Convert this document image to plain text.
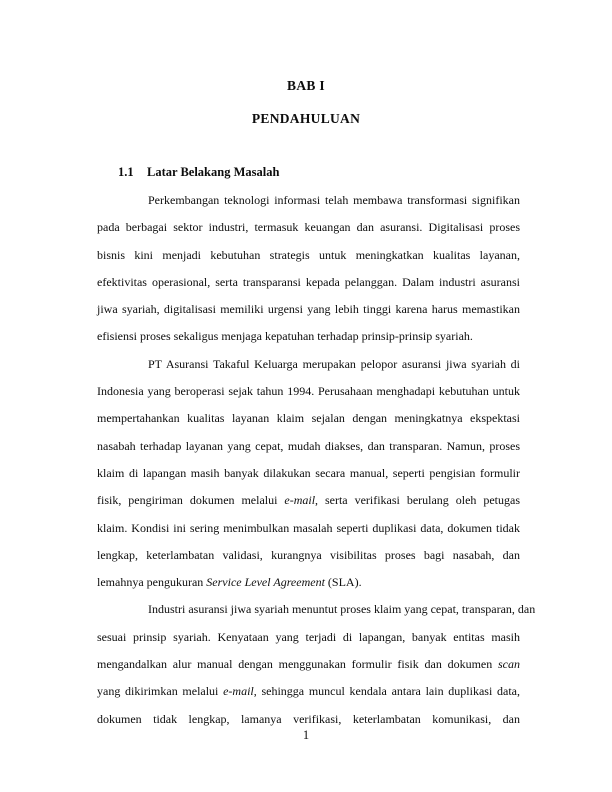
BAB I
PENDAHULUAN
1.1 Latar Belakang Masalah
Perkembangan teknologi informasi telah membawa transformasi signifikan
pada berbagai sektor industri, termasuk keuangan dan asuransi. Digitalisasi proses
bisnis kini menjadi kebutuhan strategis untuk meningkatkan kualitas layanan,
efektivitas operasional, serta transparansi kepada pelanggan. Dalam industri asuransi
jiwa syariah, digitalisasi memiliki urgensi yang lebih tinggi karena harus memastikan
efisiensi proses sekaligus menjaga kepatuhan terhadap prinsip-prinsip syariah.
PT Asuransi Takaful Keluarga merupakan pelopor asuransi jiwa syariah di
Indonesia yang beroperasi sejak tahun 1994. Perusahaan menghadapi kebutuhan untuk
mempertahankan kualitas layanan klaim sejalan dengan meningkatnya ekspektasi
nasabah terhadap layanan yang cepat, mudah diakses, dan transparan. Namun, proses
klaim di lapangan masih banyak dilakukan secara manual, seperti pengisian formulir
fisik, pengiriman dokumen melalui e-mail, serta verifikasi berulang oleh petugas
klaim. Kondisi ini sering menimbulkan masalah seperti duplikasi data, dokumen tidak
lengkap, keterlambatan validasi, kurangnya visibilitas proses bagi nasabah, dan
lemahnya pengukuran Service Level Agreement (SLA).
Industri asuransi jiwa syariah menuntut proses klaim yang cepat, transparan, dan
sesuai prinsip syariah. Kenyataan yang terjadi di lapangan, banyak entitas masih
mengandalkan alur manual dengan menggunakan formulir fisik dan dokumen scan
yang dikirimkan melalui e-mail, sehingga muncul kendala antara lain duplikasi data,
dokumen tidak lengkap, lamanya verifikasi, keterlambatan komunikasi, dan
1
